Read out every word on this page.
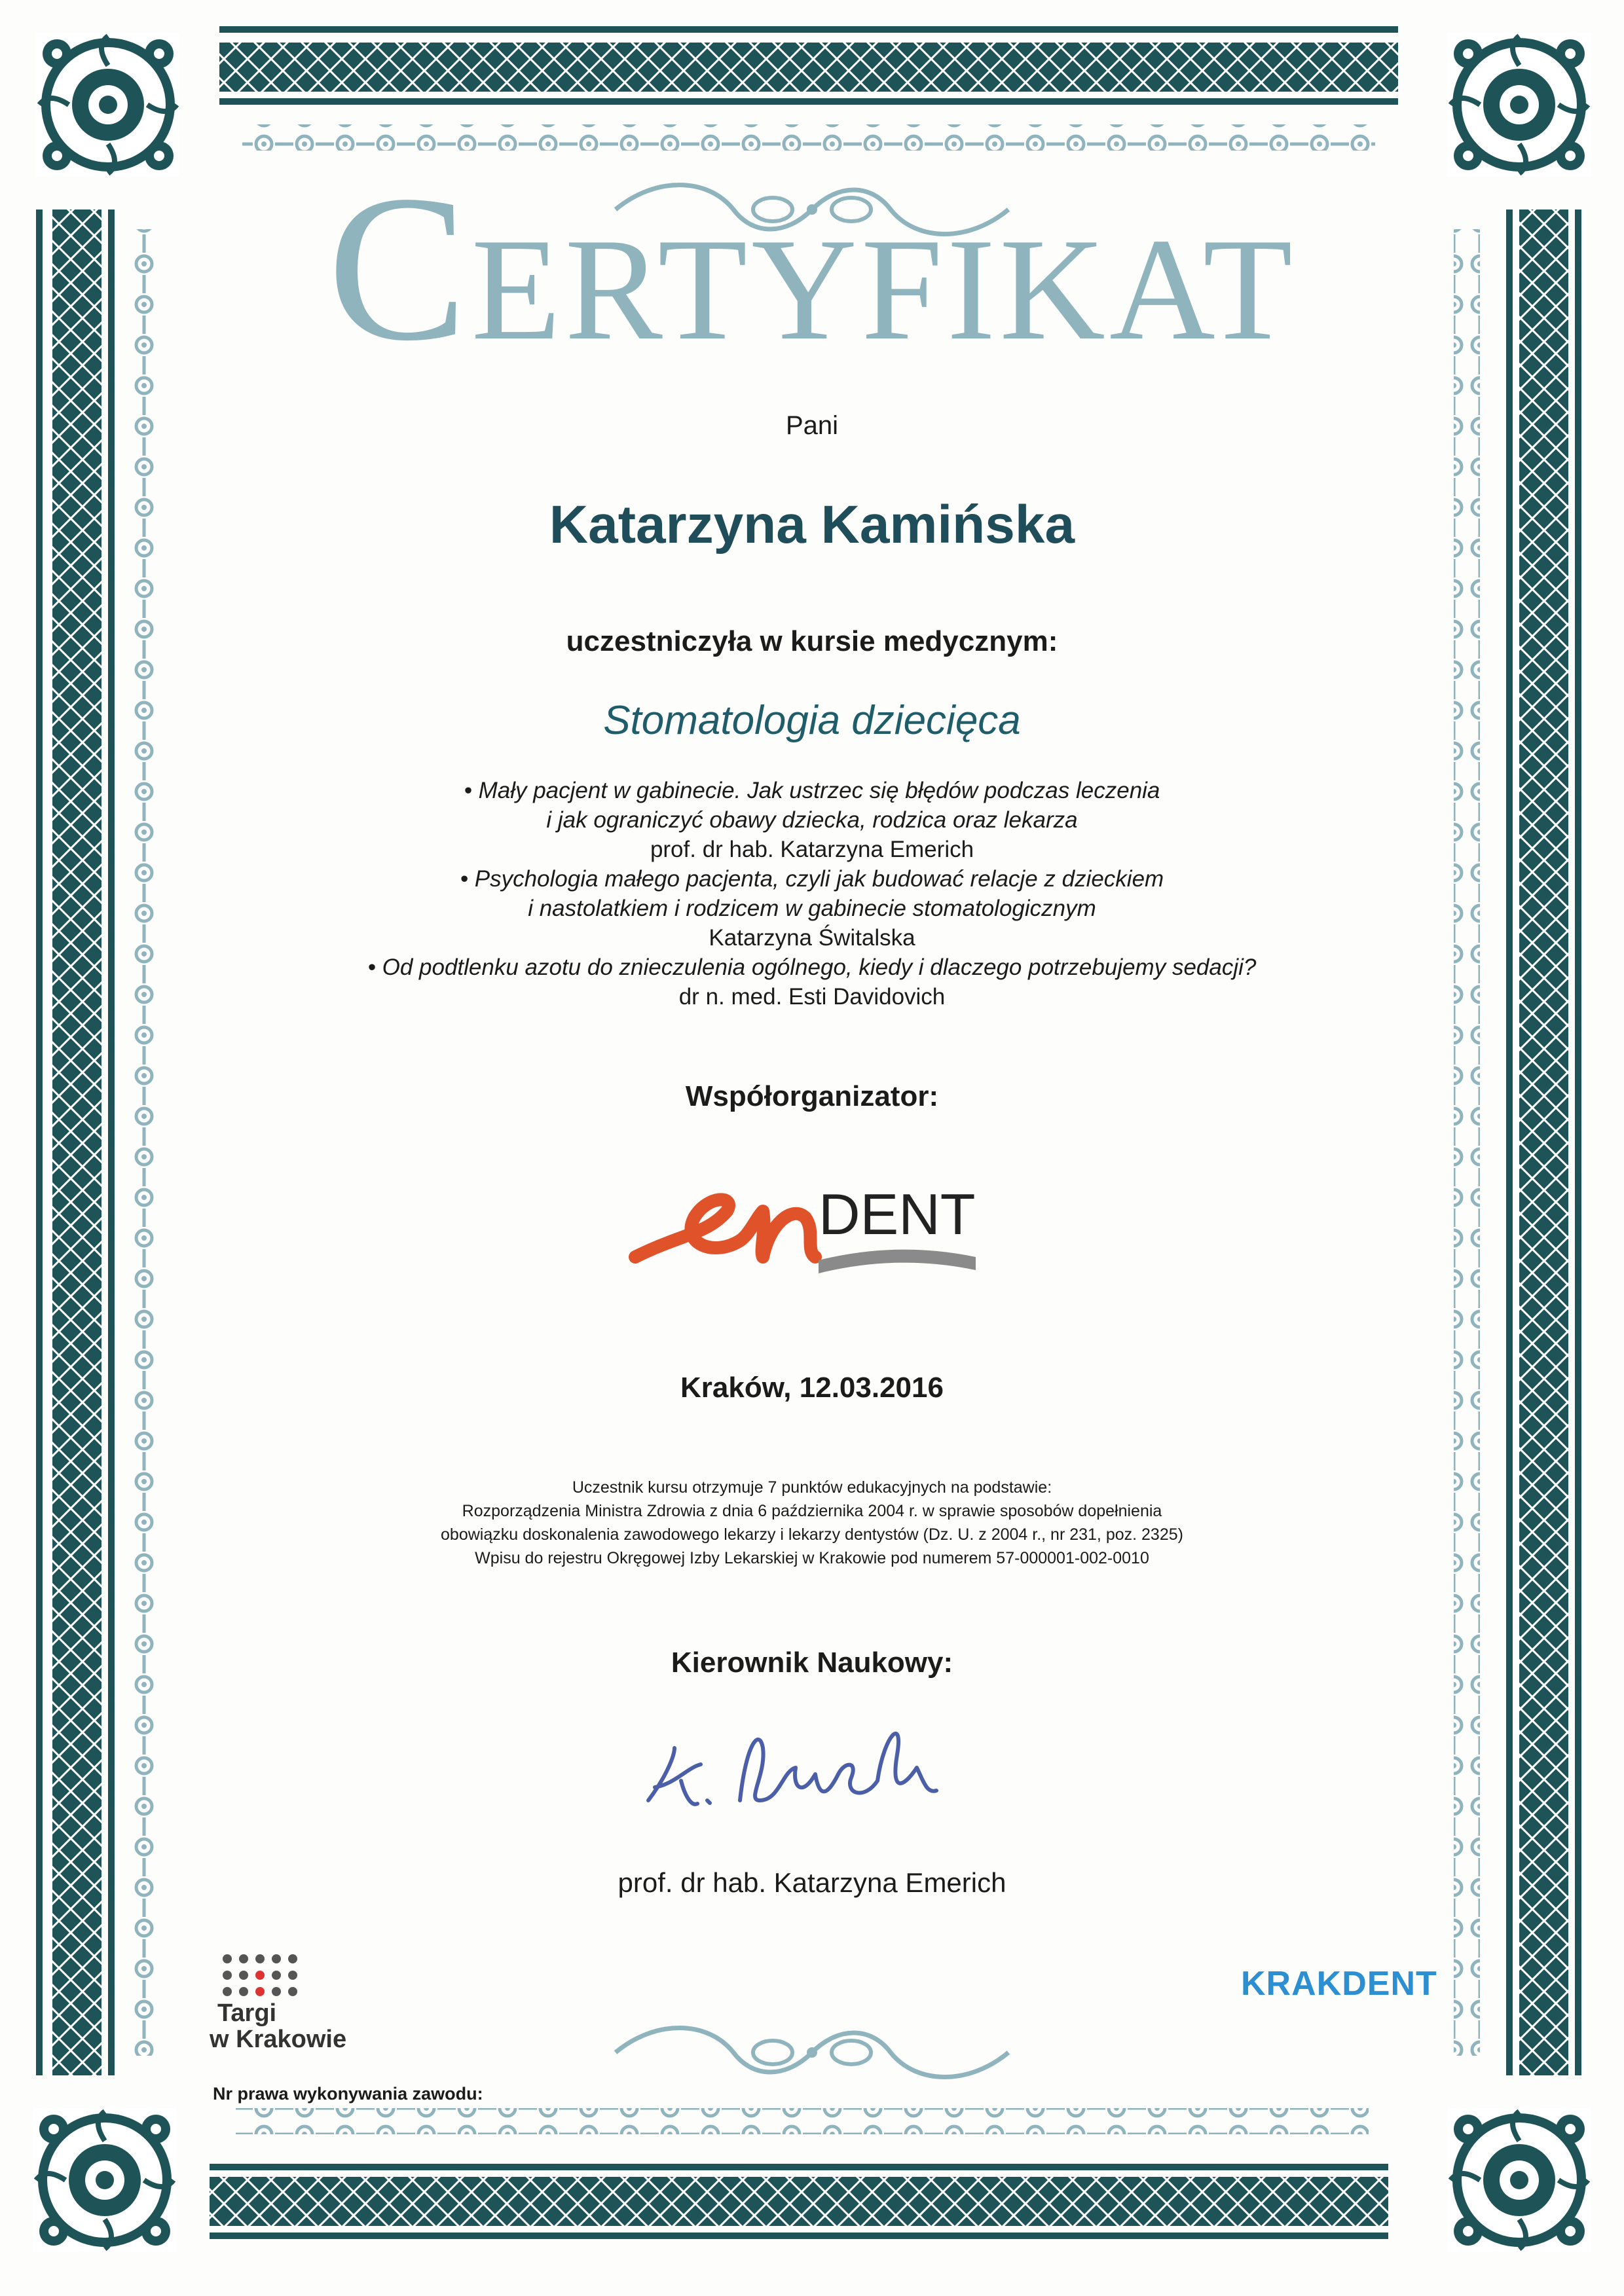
Certyfikat
Pani
Katarzyna Kamińska
uczestniczyła w kursie medycznym:
Stomatologia dziecięca
• Mały pacjent w gabinecie. Jak ustrzec się błędów podczas leczenia
i jak ograniczyć obawy dziecka, rodzica oraz lekarza
prof. dr hab. Katarzyna Emerich
• Psychologia małego pacjenta, czyli jak budować relacje z dzieckiem
i nastolatkiem i rodzicem w gabinecie stomatologicznym
Katarzyna Świtalska
• Od podtlenku azotu do znieczulenia ogólnego, kiedy i dlaczego potrzebujemy sedacji?
dr n. med. Esti Davidovich
Współorganizator:
DENT
Kraków, 12.03.2016
Uczestnik kursu otrzymuje 7 punktów edukacyjnych na podstawie:
Rozporządzenia Ministra Zdrowia z dnia 6 października 2004 r. w sprawie sposobów dopełnienia
obowiązku doskonalenia zawodowego lekarzy i lekarzy dentystów (Dz. U. z 2004 r., nr 231, poz. 2325)
Wpisu do rejestru Okręgowej Izby Lekarskiej w Krakowie pod numerem 57-000001-002-0010
Kierownik Naukowy:
prof. dr hab. Katarzyna Emerich
Targi
w Krakowie
KRAKDENT
Nr prawa wykonywania zawodu:
